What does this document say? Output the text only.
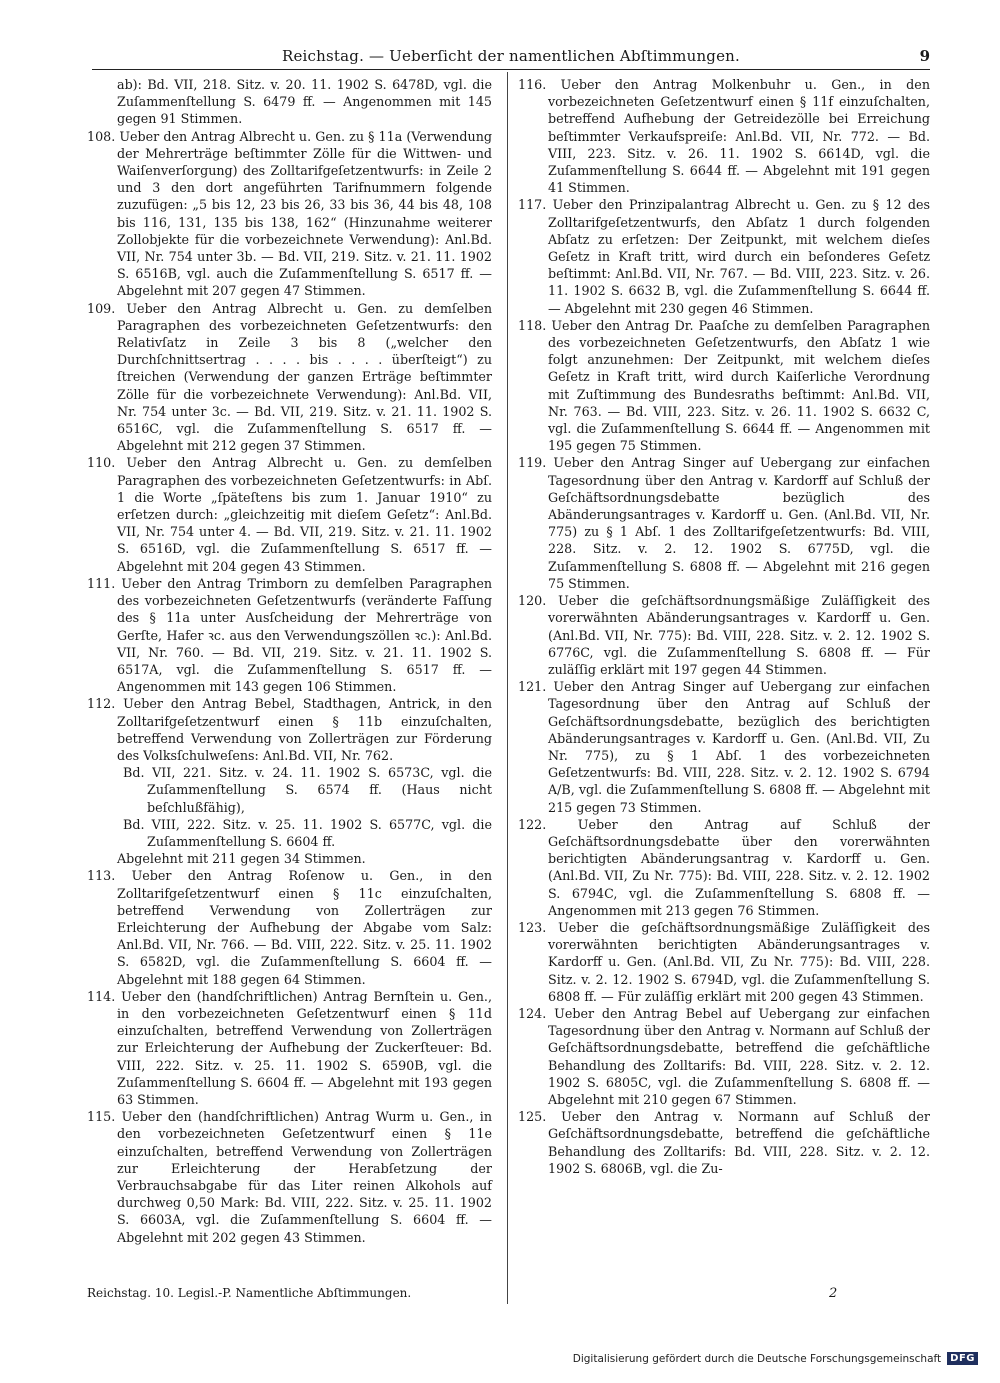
Reichstag. — Ueberſicht der namentlichen Abſtimmungen.	9

ab): Bd. VII, 218. Sitz. v. 20. 11. 1902 S. 6478D, vgl. die Zuſammenſtellung S. 6479 ff. — Angenommen mit 145 gegen 91 Stimmen.

108. Ueber den Antrag Albrecht u. Gen. zu § 11a (Verwendung der Mehrerträge beſtimmter Zölle für die Wittwen- und Waiſenverſorgung) des Zolltarifgeſetzentwurfs: in Zeile 2 und 3 den dort angeführten Tarifnummern folgende zuzufügen: „5 bis 12, 23 bis 26, 33 bis 36, 44 bis 48, 108 bis 116, 131, 135 bis 138, 162“ (Hinzunahme weiterer Zollobjekte für die vorbezeichnete Verwendung): Anl.Bd. VII, Nr. 754 unter 3b. — Bd. VII, 219. Sitz. v. 21. 11. 1902 S. 6516B, vgl. auch die Zuſammenſtellung S. 6517 ff. — Abgelehnt mit 207 gegen 47 Stimmen.

109. Ueber den Antrag Albrecht u. Gen. zu demſelben Paragraphen des vorbezeichneten Geſetzentwurfs: den Relativſatz in Zeile 3 bis 8 („welcher den Durchſchnittsertrag . . . . bis . . . . überſteigt“) zu ſtreichen (Verwendung der ganzen Erträge beſtimmter Zölle für die vorbezeichnete Verwendung): Anl.Bd. VII, Nr. 754 unter 3c. — Bd. VII, 219. Sitz. v. 21. 11. 1902 S. 6516C, vgl. die Zuſammenſtellung S. 6517 ff. — Abgelehnt mit 212 gegen 37 Stimmen.

110. Ueber den Antrag Albrecht u. Gen. zu demſelben Paragraphen des vorbezeichneten Geſetzentwurfs: in Abſ. 1 die Worte „ſpäteſtens bis zum 1. Januar 1910“ zu erſetzen durch: „gleichzeitig mit dieſem Geſetz“: Anl.Bd. VII, Nr. 754 unter 4. — Bd. VII, 219. Sitz. v. 21. 11. 1902 S. 6516D, vgl. die Zuſammenſtellung S. 6517 ff. — Abgelehnt mit 204 gegen 43 Stimmen.

111. Ueber den Antrag Trimborn zu demſelben Paragraphen des vorbezeichneten Geſetzentwurfs (veränderte Faſſung des § 11a unter Ausſcheidung der Mehrerträge von Gerſte, Hafer ꝛc. aus den Verwendungszöllen ꝛc.): Anl.Bd. VII, Nr. 760. — Bd. VII, 219. Sitz. v. 21. 11. 1902 S. 6517A, vgl. die Zuſammenſtellung S. 6517 ff. — Angenommen mit 143 gegen 106 Stimmen.

112. Ueber den Antrag Bebel, Stadthagen, Antrick, in den Zolltarifgeſetzentwurf einen § 11b einzuſchalten, betreffend Verwendung von Zollerträgen zur Förderung des Volksſchulweſens: Anl.Bd. VII, Nr. 762.

Bd. VII, 221. Sitz. v. 24. 11. 1902 S. 6573C, vgl. die Zuſammenſtellung S. 6574 ff. (Haus nicht beſchlußfähig),

Bd. VIII, 222. Sitz. v. 25. 11. 1902 S. 6577C, vgl. die Zuſammenſtellung S. 6604 ff.

Abgelehnt mit 211 gegen 34 Stimmen.

113. Ueber den Antrag Roſenow u. Gen., in den Zolltarifgeſetzentwurf einen § 11c einzuſchalten, betreffend Verwendung von Zollerträgen zur Erleichterung der Aufhebung der Abgabe vom Salz: Anl.Bd. VII, Nr. 766. — Bd. VIII, 222. Sitz. v. 25. 11. 1902 S. 6582D, vgl. die Zuſammenſtellung S. 6604 ff. — Abgelehnt mit 188 gegen 64 Stimmen.

114. Ueber den (handſchriftlichen) Antrag Bernſtein u. Gen., in den vorbezeichneten Geſetzentwurf einen § 11d einzuſchalten, betreffend Verwendung von Zollerträgen zur Erleichterung der Aufhebung der Zuckerſteuer: Bd. VIII, 222. Sitz. v. 25. 11. 1902 S. 6590B, vgl. die Zuſammenſtellung S. 6604 ff. — Abgelehnt mit 193 gegen 63 Stimmen.

115. Ueber den (handſchriftlichen) Antrag Wurm u. Gen., in den vorbezeichneten Geſetzentwurf einen § 11e einzuſchalten, betreffend Verwendung von Zollerträgen zur Erleichterung der Herabſetzung der Verbrauchsabgabe für das Liter reinen Alkohols auf durchweg 0,50 Mark: Bd. VIII, 222. Sitz. v. 25. 11. 1902 S. 6603A, vgl. die Zuſammenſtellung S. 6604 ff. — Abgelehnt mit 202 gegen 43 Stimmen.

116. Ueber den Antrag Molkenbuhr u. Gen., in den vorbezeichneten Geſetzentwurf einen § 11f einzuſchalten, betreffend Aufhebung der Getreidezölle bei Erreichung beſtimmter Verkaufspreiſe: Anl.Bd. VII, Nr. 772. — Bd. VIII, 223. Sitz. v. 26. 11. 1902 S. 6614D, vgl. die Zuſammenſtellung S. 6644 ff. — Abgelehnt mit 191 gegen 41 Stimmen.

117. Ueber den Prinzipalantrag Albrecht u. Gen. zu § 12 des Zolltarifgeſetzentwurfs, den Abſatz 1 durch folgenden Abſatz zu erſetzen: Der Zeitpunkt, mit welchem dieſes Geſetz in Kraft tritt, wird durch ein beſonderes Geſetz beſtimmt: Anl.Bd. VII, Nr. 767. — Bd. VIII, 223. Sitz. v. 26. 11. 1902 S. 6632 B, vgl. die Zuſammenſtellung S. 6644 ff. — Abgelehnt mit 230 gegen 46 Stimmen.

118. Ueber den Antrag Dr. Paaſche zu demſelben Paragraphen des vorbezeichneten Geſetzentwurfs, den Abſatz 1 wie folgt anzunehmen: Der Zeitpunkt, mit welchem dieſes Geſetz in Kraft tritt, wird durch Kaiſerliche Verordnung mit Zuſtimmung des Bundesraths beſtimmt: Anl.Bd. VII, Nr. 763. — Bd. VIII, 223. Sitz. v. 26. 11. 1902 S. 6632 C, vgl. die Zuſammenſtellung S. 6644 ff. — Angenommen mit 195 gegen 75 Stimmen.

119. Ueber den Antrag Singer auf Uebergang zur einfachen Tagesordnung über den Antrag v. Kardorff auf Schluß der Geſchäftsordnungsdebatte bezüglich des Abänderungsantrages v. Kardorff u. Gen. (Anl.Bd. VII, Nr. 775) zu § 1 Abſ. 1 des Zolltarifgeſetzentwurfs: Bd. VIII, 228. Sitz. v. 2. 12. 1902 S. 6775D, vgl. die Zuſammenſtellung S. 6808 ff. — Abgelehnt mit 216 gegen 75 Stimmen.

120. Ueber die geſchäftsordnungsmäßige Zuläſſigkeit des vorerwähnten Abänderungsantrages v. Kardorff u. Gen. (Anl.Bd. VII, Nr. 775): Bd. VIII, 228. Sitz. v. 2. 12. 1902 S. 6776C, vgl. die Zuſammenſtellung S. 6808 ff. — Für zuläſſig erklärt mit 197 gegen 44 Stimmen.

121. Ueber den Antrag Singer auf Uebergang zur einfachen Tagesordnung über den Antrag auf Schluß der Geſchäftsordnungsdebatte, bezüglich des berichtigten Abänderungsantrages v. Kardorff u. Gen. (Anl.Bd. VII, Zu Nr. 775), zu § 1 Abſ. 1 des vorbezeichneten Geſetzentwurfs: Bd. VIII, 228. Sitz. v. 2. 12. 1902 S. 6794 A/B, vgl. die Zuſammenſtellung S. 6808 ff. — Abgelehnt mit 215 gegen 73 Stimmen.

122. Ueber den Antrag auf Schluß der Geſchäftsordnungsdebatte über den vorerwähnten berichtigten Abänderungsantrag v. Kardorff u. Gen. (Anl.Bd. VII, Zu Nr. 775): Bd. VIII, 228. Sitz. v. 2. 12. 1902 S. 6794C, vgl. die Zuſammenſtellung S. 6808 ff. — Angenommen mit 213 gegen 76 Stimmen.

123. Ueber die geſchäftsordnungsmäßige Zuläſſigkeit des vorerwähnten berichtigten Abänderungsantrages v. Kardorff u. Gen. (Anl.Bd. VII, Zu Nr. 775): Bd. VIII, 228. Sitz. v. 2. 12. 1902 S. 6794D, vgl. die Zuſammenſtellung S. 6808 ff. — Für zuläſſig erklärt mit 200 gegen 43 Stimmen.

124. Ueber den Antrag Bebel auf Uebergang zur einfachen Tagesordnung über den Antrag v. Normann auf Schluß der Geſchäftsordnungsdebatte, betreffend die geſchäftliche Behandlung des Zolltarifs: Bd. VIII, 228. Sitz. v. 2. 12. 1902 S. 6805C, vgl. die Zuſammenſtellung S. 6808 ff. — Abgelehnt mit 210 gegen 67 Stimmen.

125. Ueber den Antrag v. Normann auf Schluß der Geſchäftsordnungsdebatte, betreffend die geſchäftliche Behandlung des Zolltarifs: Bd. VIII, 228. Sitz. v. 2. 12. 1902 S. 6806B, vgl. die Zu-

Reichstag. 10. Legisl.-P. Namentliche Abſtimmungen.	2
Digitalisierung gefördert durch die Deutsche Forschungsgemeinschaft DFG
